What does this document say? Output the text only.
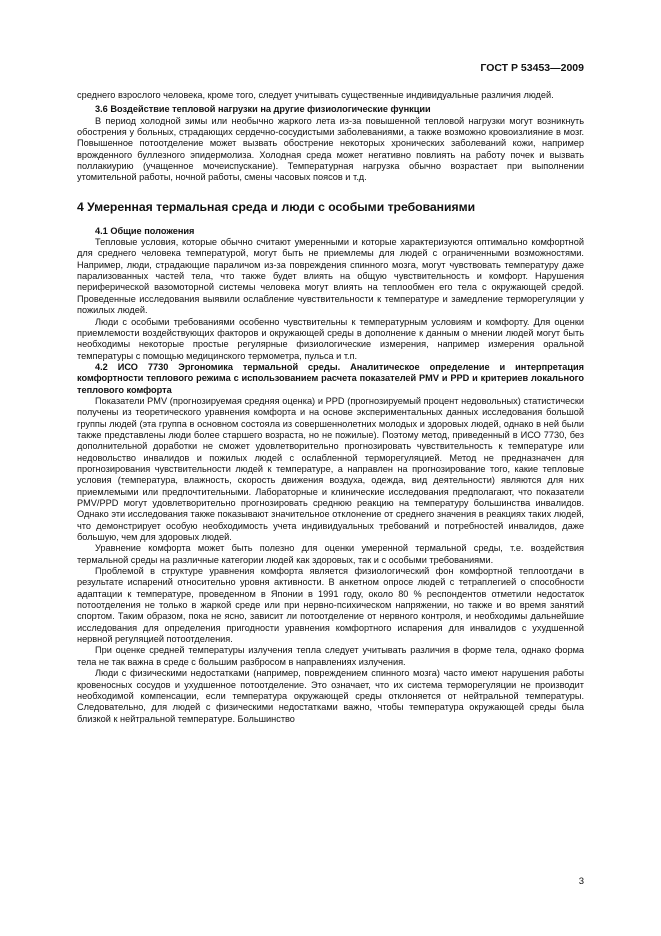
ГОСТ Р 53453—2009

среднего взрослого человека, кроме того, следует учитывать существенные индивидуальные различия людей.

3.6 Воздействие тепловой нагрузки на другие физиологические функции

В период холодной зимы или необычно жаркого лета из-за повышенной тепловой нагрузки могут возникнуть обострения у больных, страдающих сердечно-сосудистыми заболеваниями, а также возможно кровоизлияние в мозг. Повышенное потоотделение может вызвать обострение некоторых хронических заболеваний кожи, например врожденного буллезного эпидермолиза. Холодная среда может негативно повлиять на работу почек и вызвать поллакиурию (учащенное мочеиспускание). Температурная нагрузка обычно возрастает при выполнении утомительной работы, ночной работы, смены часовых поясов и т.д.

4 Умеренная термальная среда и люди с особыми требованиями
4.1 Общие положения

Тепловые условия, которые обычно считают умеренными и которые характеризуются оптимально комфортной для среднего человека температурой, могут быть не приемлемы для людей с ограниченными возможностями. Например, люди, страдающие параличом из-за повреждения спинного мозга, могут чувствовать температуру даже парализованных частей тела, что также будет влиять на общую чувствительность и комфорт. Нарушения периферической вазомоторной системы человека могут влиять на теплообмен его тела с окружающей средой. Проведенные исследования выявили ослабление чувствительности к температуре и замедление терморегуляции у пожилых людей.

Люди с особыми требованиями особенно чувствительны к температурным условиям и комфорту. Для оценки приемлемости воздействующих факторов и окружающей среды в дополнение к данным о мнении людей могут быть необходимы некоторые простые регулярные физиологические измерения, например измерения оральной температуры с помощью медицинского термометра, пульса и т.п.

4.2 ИСО 7730 Эргономика термальной среды. Аналитическое определение и интерпретация комфортности теплового режима с использованием расчета показателей PMV и PPD и критериев локального теплового комфорта

Показатели PMV (прогнозируемая средняя оценка) и PPD (прогнозируемый процент недовольных) статистически получены из теоретического уравнения комфорта и на основе экспериментальных данных исследования большой группы людей (эта группа в основном состояла из совершеннолетних молодых и здоровых людей, однако в ней были также представлены люди более старшего возраста, но не пожилые). Поэтому метод, приведенный в ИСО 7730, без дополнительной доработки не сможет удовлетворительно прогнозировать чувствительность к температуре или недовольство инвалидов и пожилых людей с ослабленной терморегуляцией. Метод не предназначен для прогнозирования чувствительности людей к температуре, а направлен на прогнозирование того, какие тепловые условия (температура, влажность, скорость движения воздуха, одежда, вид деятельности) являются для них приемлемыми или предпочтительными. Лабораторные и клинические исследования предполагают, что показатели PMV/PPD могут удовлетворительно прогнозировать среднюю реакцию на температуру большинства инвалидов. Однако эти исследования также показывают значительное отклонение от среднего значения в реакциях таких людей, что демонстрирует особую необходимость учета индивидуальных требований и потребностей инвалидов, даже большую, чем для здоровых людей.

Уравнение комфорта может быть полезно для оценки умеренной термальной среды, т.е. воздействия термальной среды на различные категории людей как здоровых, так и с особыми требованиями.

Проблемой в структуре уравнения комфорта является физиологический фон комфортной теплоотдачи в результате испарений относительно уровня активности. В анкетном опросе людей с тетраплегией о способности адаптации к температуре, проведенном в Японии в 1991 году, около 80 % респондентов отметили недостаток потоотделения не только в жаркой среде или при нервно-психическом напряжении, но также и во время занятий спортом. Таким образом, пока не ясно, зависит ли потоотделение от нервного контроля, и необходимы дальнейшие исследования для определения пригодности уравнения комфортного испарения для инвалидов с ухудшенной нервной регуляцией потоотделения.

При оценке средней температуры излучения тепла следует учитывать различия в форме тела, однако форма тела не так важна в среде с большим разбросом в направлениях излучения.

Люди с физическими недостатками (например, повреждением спинного мозга) часто имеют нарушения работы кровеносных сосудов и ухудшенное потоотделение. Это означает, что их система терморегуляции не производит необходимой компенсации, если температура окружающей среды отклоняется от нейтральной температуры. Следовательно, для людей с физическими недостатками важно, чтобы температура окружающей среды была близкой к нейтральной температуре. Большинство

3
